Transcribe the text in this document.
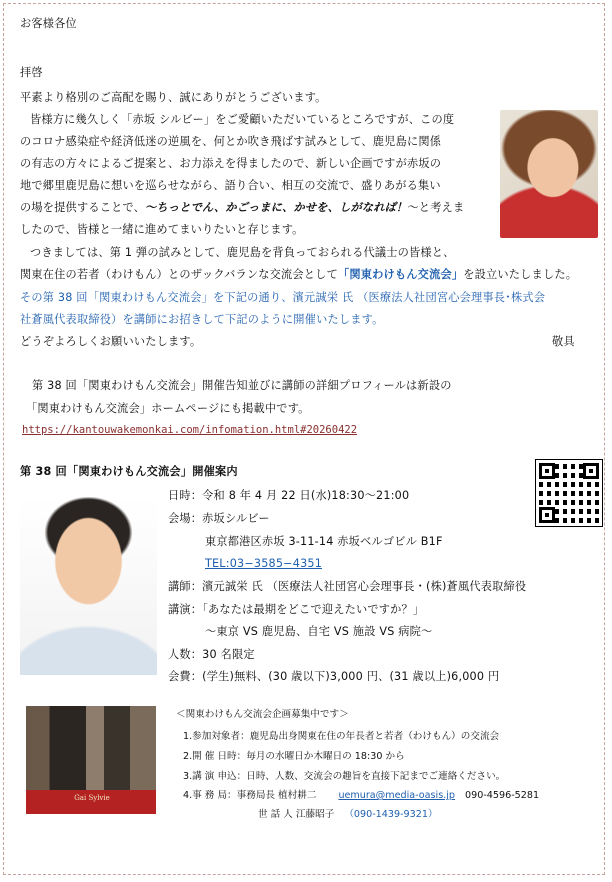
お客様各位
拝啓
平素より格別のご高配を賜り、誠にありがとうございます。
皆様方に幾久しく「赤坂 シルビー」をご愛顧いただいているところですが、この度
のコロナ感染症や経済低迷の逆風を、何とか吹き飛ばす試みとして、鹿児島に関係
の有志の方々によるご提案と、お力添えを得ましたので、新しい企画ですが赤坂の
地で郷里鹿児島に想いを巡らせながら、語り合い、相互の交流で、盛りあがる集い
の場を提供することで、〜ちっとでん、かごっまに、かせを、しがなれば！〜と考えま
したので、皆様と一緒に進めてまいりたいと存じます。
つきましては、第 1 弾の試みとして、鹿児島を背負っておられる代議士の皆様と、
関東在住の若者（わけもん）とのザックバランな交流会として「関東わけもん交流会」を設立いたしました。
その第 38 回「関東わけもん交流会」を下記の通り、濱元誠栄 氏 （医療法人社団宮心会理事長･株式会
社蒼風代表取締役）を講師にお招きして下記のように開催いたします。
どうぞよろしくお願いいたします。	敬具
第 38 回「関東わけもん交流会」開催告知並びに講師の詳細プロフィールは新設の
「関東わけもん交流会」ホームページにも掲載中です。
https://kantouwakemonkai.com/infomation.html#20260422
第 38 回「関東わけもん交流会」開催案内
日時：令和 8 年 4 月 22 日(水)18:30〜21:00
会場：赤坂シルビー
東京都港区赤坂 3-11-14 赤坂ベルゴビル B1F
TEL:03−3585−4351
講師：濱元誠栄 氏 （医療法人社団宮心会理事長・(株)蒼風代表取締役
講演：「あなたは最期をどこで迎えたいですか？」
〜東京 VS 鹿児島、自宅 VS 施設 VS 病院〜
人数：30 名限定
会費：(学生)無料、(30 歳以下)3,000 円、(31 歳以上)6,000 円
Gai Sylvie
＜関東わけもん交流会企画募集中です＞
1.参加対象者：鹿児島出身関東在住の年長者と若者（わけもん）の交流会
2.開 催 日時：毎月の水曜日か木曜日の 18:30 から
3.講 演 申込：日時、人数、交流会の趣旨を直接下記までご連絡ください。
4.事 務 局：事務局長 植村耕二 uemura@media-oasis.jp 090-4596-5281
世 話 人 江藤昭子 （090-1439-9321）
